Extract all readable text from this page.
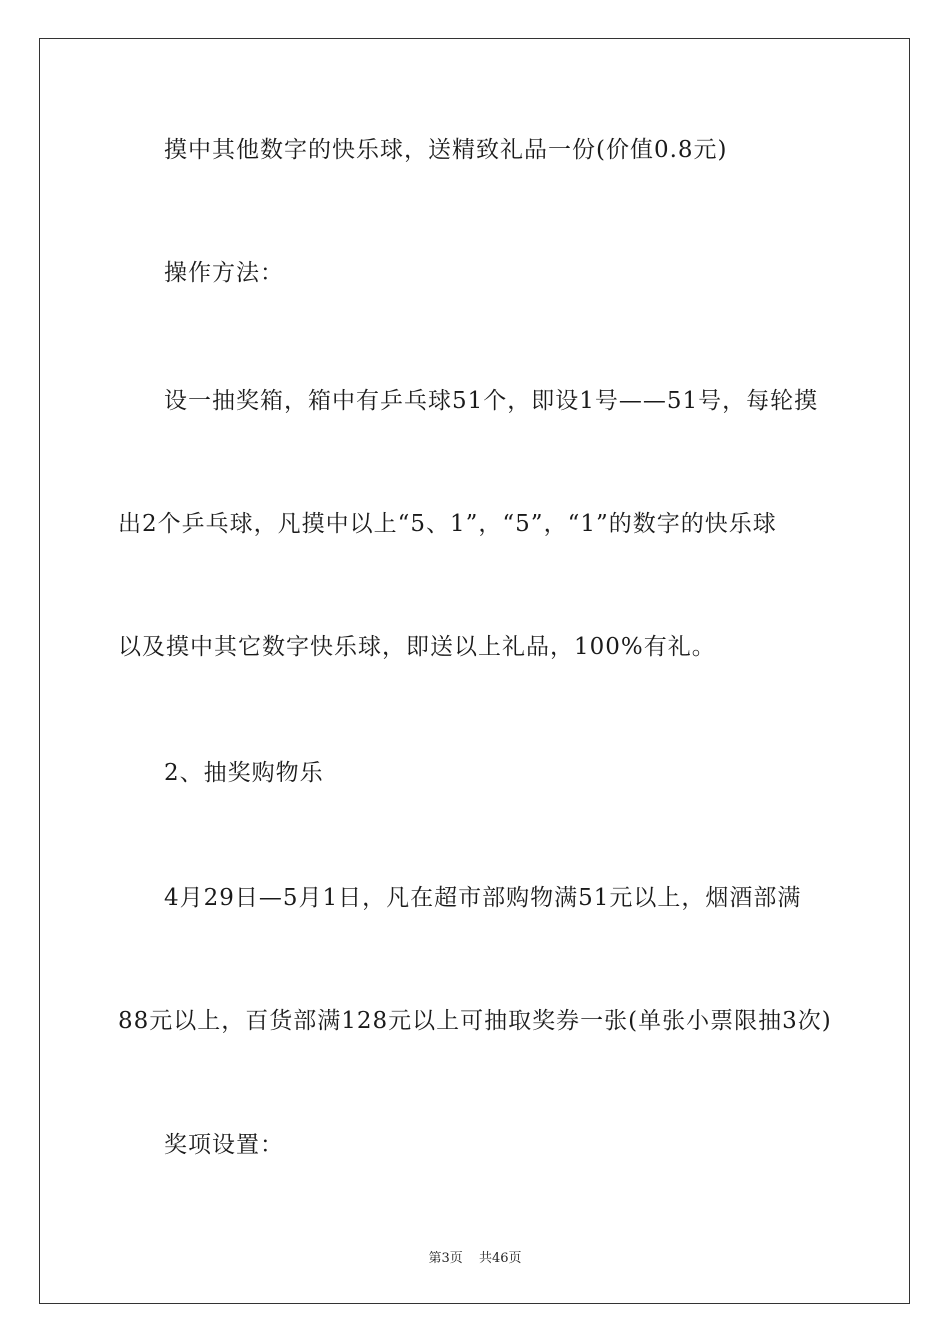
摸中其他数字的快乐球，送精致礼品一份(价值0.8元)
操作方法：
设一抽奖箱，箱中有乒乓球51个，即设1号——51号，每轮摸
出2个乒乓球，凡摸中以上“5、1”，“5”，“1”的数字的快乐球
以及摸中其它数字快乐球，即送以上礼品，100%有礼。
2、抽奖购物乐
4月29日—5月1日，凡在超市部购物满51元以上，烟酒部满
88元以上，百货部满128元以上可抽取奖券一张(单张小票限抽3次)
奖项设置：
第3页 共46页
